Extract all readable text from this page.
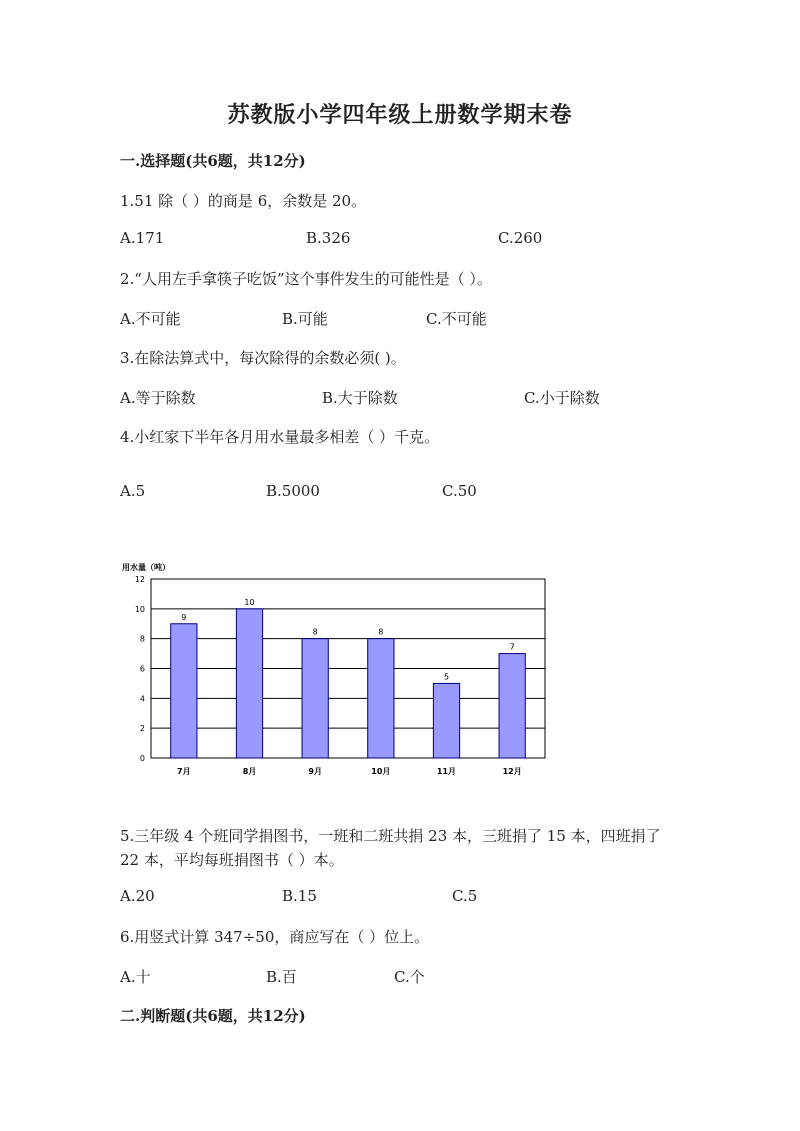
苏教版小学四年级上册数学期末卷
一.选择题(共6题，共12分)
1.51 除（ ）的商是 6，余数是 20。
A.171	B.326	C.260
2.“人用左手拿筷子吃饭”这个事件发生的可能性是（ ）。
A.不可能	B.可能	C.不可能
3.在除法算式中，每次除得的余数必须( )。
A.等于除数	B.大于除数	C.小于除数
4.小红家下半年各月用水量最多相差（ ）千克。
A.5	B.5000	C.50
0
2
4
6
8
10
12
用水量（吨）
9
7月
10
8月
8
9月
8
10月
5
11月
7
12月
5.三年级 4 个班同学捐图书，一班和二班共捐 23 本，三班捐了 15 本，四班捐了 22 本，平均每班捐图书（ ）本。
A.20	B.15	C.5
6.用竖式计算 347÷50，商应写在（ ）位上。
A.十	B.百	C.个
二.判断题(共6题，共12分)
